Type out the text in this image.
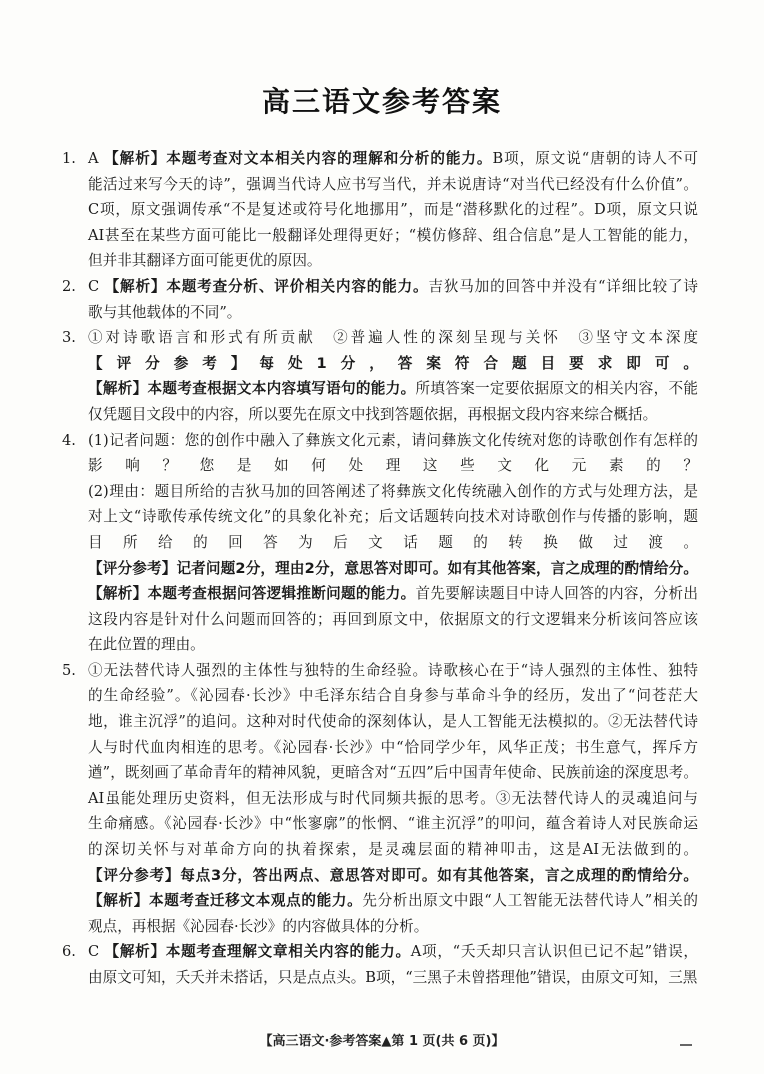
高三语文参考答案
1. A 【解析】本题考查对文本相关内容的理解和分析的能力。B项，原文说“唐朝的诗人不可
能活过来写今天的诗”，强调当代诗人应书写当代，并未说唐诗“对当代已经没有什么价值”。
C项，原文强调传承“不是复述或符号化地挪用”，而是“潜移默化的过程”。D项，原文只说
AI甚至在某些方面可能比一般翻译处理得更好；“模仿修辞、组合信息”是人工智能的能力，
但并非其翻译方面可能更优的原因。
2. C 【解析】本题考查分析、评价相关内容的能力。吉狄马加的回答中并没有“详细比较了诗
歌与其他载体的不同”。
3. ①对诗歌语言和形式有所贡献　②普遍人性的深刻呈现与关怀　③坚守文本深度
【评分参考】每处1分，答案符合题目要求即可。
【解析】本题考查根据文本内容填写语句的能力。所填答案一定要依据原文的相关内容，不能
仅凭题目文段中的内容，所以要先在原文中找到答题依据，再根据文段内容来综合概括。
4. (1)记者问题：您的创作中融入了彝族文化元素，请问彝族文化传统对您的诗歌创作有怎样的
影响？您是如何处理这些文化元素的？
(2)理由：题目所给的吉狄马加的回答阐述了将彝族文化传统融入创作的方式与处理方法，是
对上文“诗歌传承传统文化”的具象化补充；后文话题转向技术对诗歌创作与传播的影响，题
目所给的回答为后文话题的转换做过渡。
【评分参考】记者问题2分，理由2分，意思答对即可。如有其他答案，言之成理的酌情给分。
【解析】本题考查根据问答逻辑推断问题的能力。首先要解读题目中诗人回答的内容，分析出
这段内容是针对什么问题而回答的；再回到原文中，依据原文的行文逻辑来分析该问答应该
在此位置的理由。
5. ①无法替代诗人强烈的主体性与独特的生命经验。诗歌核心在于“诗人强烈的主体性、独特
的生命经验”。《沁园春·长沙》中毛泽东结合自身参与革命斗争的经历，发出了“问苍茫大
地，谁主沉浮”的追问。这种对时代使命的深刻体认，是人工智能无法模拟的。②无法替代诗
人与时代血肉相连的思考。《沁园春·长沙》中“恰同学少年，风华正茂；书生意气，挥斥方
遒”，既刻画了革命青年的精神风貌，更暗含对“五四”后中国青年使命、民族前途的深度思考。
AI虽能处理历史资料，但无法形成与时代同频共振的思考。③无法替代诗人的灵魂追问与
生命痛感。《沁园春·长沙》中“怅寥廓”的怅惘、“谁主沉浮”的叩问，蕴含着诗人对民族命运
的深切关怀与对革命方向的执着探索，是灵魂层面的精神叩击，这是AI无法做到的。
【评分参考】每点3分，答出两点、意思答对即可。如有其他答案，言之成理的酌情给分。
【解析】本题考查迁移文本观点的能力。先分析出原文中跟“人工智能无法替代诗人”相关的
观点，再根据《沁园春·长沙》的内容做具体的分析。
6. C 【解析】本题考查理解文章相关内容的能力。A项，“夭夭却只言认识但已记不起”错误，
由原文可知，夭夭并未搭话，只是点点头。B项，“三黑子未曾搭理他”错误，由原文可知，三黑
【高三语文·参考答案▲第 1 页(共 6 页)】
